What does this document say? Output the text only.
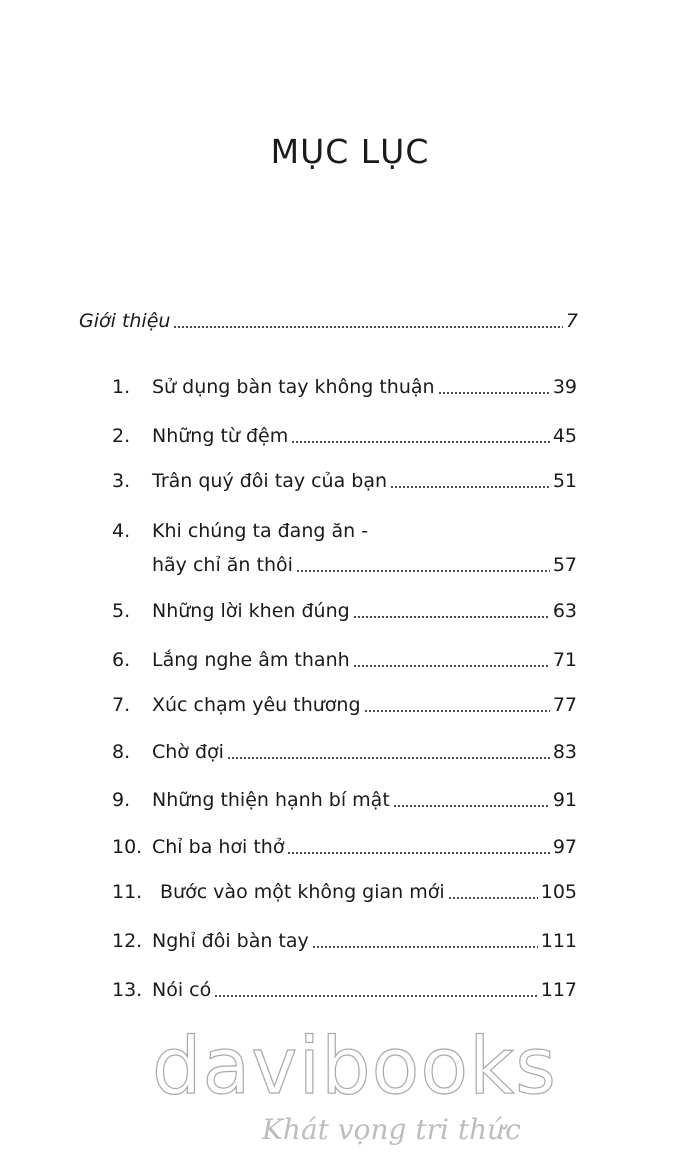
MỤC LỤC
Giới thiệu	7
1.	Sử dụng bàn tay không thuận	39
2.	Những từ đệm	45
3.	Trân quý đôi tay của bạn	51
4.	Khi chúng ta đang ăn -
hãy chỉ ăn thôi	57
5.	Những lời khen đúng	63
6.	Lắng nghe âm thanh	71
7.	Xúc chạm yêu thương	77
8.	Chờ đợi	83
9.	Những thiện hạnh bí mật	91
10. Chỉ ba hơi thở	97
11. Bước vào một không gian mới	105
12. Nghỉ đôi bàn tay	111
13. Nói có	117
davibooks
Khát vọng tri thức
